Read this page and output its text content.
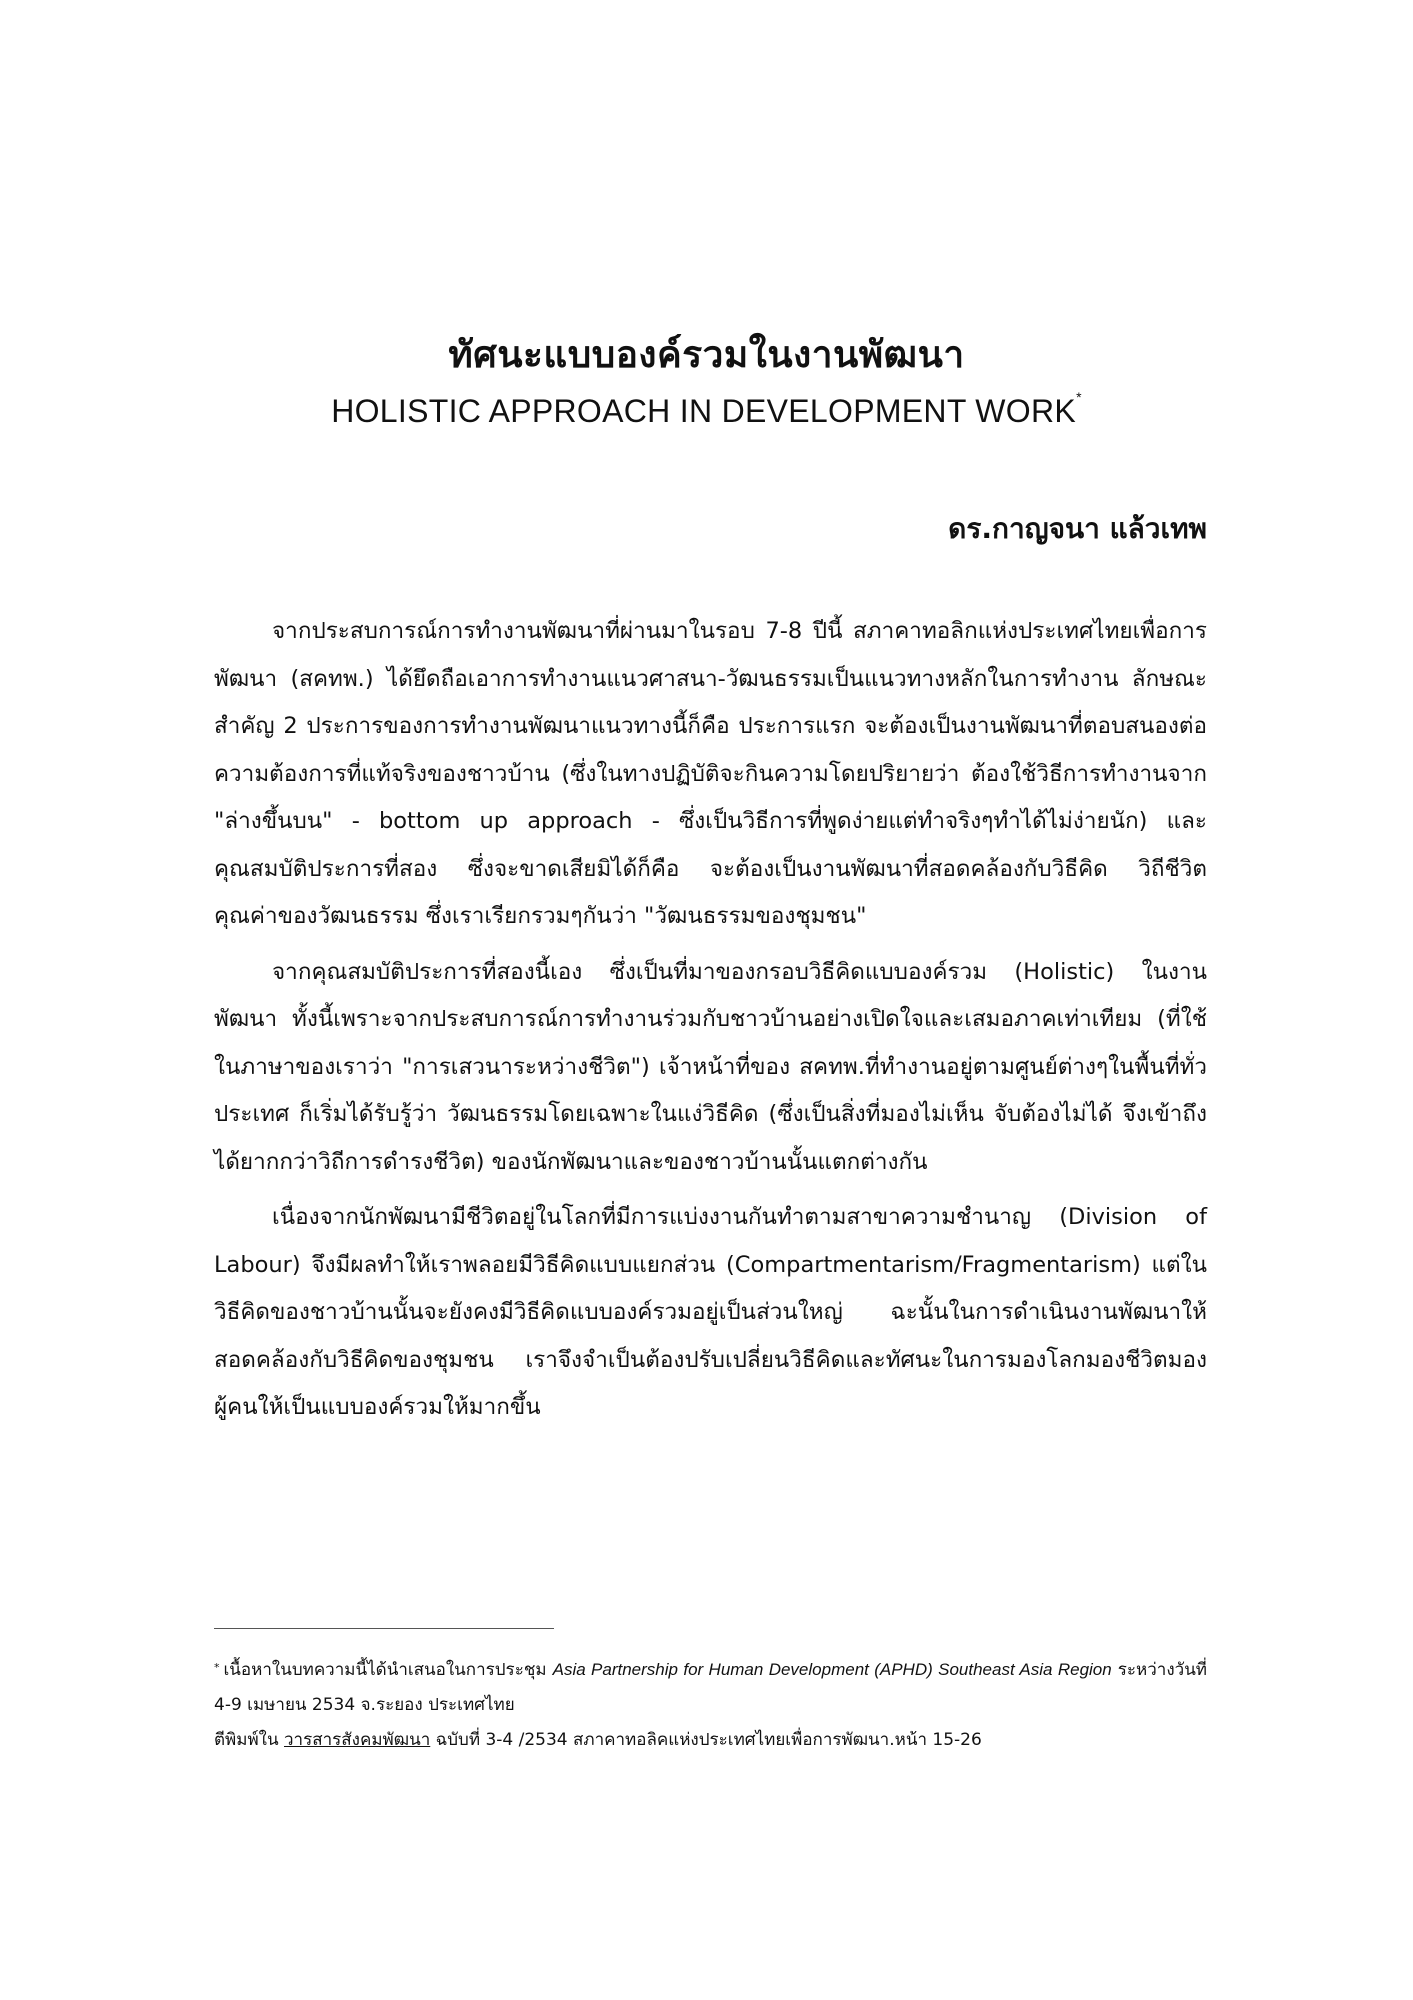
ทัศนะแบบองค์รวมในงานพัฒนา
HOLISTIC APPROACH IN DEVELOPMENT WORK*
ดร.กาญจนา แล้วเทพ

จากประสบการณ์การทำงานพัฒนาที่ผ่านมาในรอบ 7-8 ปีนี้ สภาคาทอลิกแห่งประเทศไทยเพื่อการพัฒนา (สคทพ.) ได้ยึดถือเอาการทำงานแนวศาสนา-วัฒนธรรมเป็นแนวทางหลักในการทำงาน ลักษณะสำคัญ 2 ประการของการทำงานพัฒนาแนวทางนี้ก็คือ ประการแรก จะต้องเป็นงานพัฒนาที่ตอบสนองต่อความต้องการที่แท้จริงของชาวบ้าน (ซึ่งในทางปฏิบัติจะกินความโดยปริยายว่า ต้องใช้วิธีการทำงานจาก "ล่างขึ้นบน" - bottom up approach - ซึ่งเป็นวิธีการที่พูดง่ายแต่ทำจริงๆทำได้ไม่ง่ายนัก) และคุณสมบัติประการที่สอง ซึ่งจะขาดเสียมิได้ก็คือ จะต้องเป็นงานพัฒนาที่สอดคล้องกับวิธีคิด วิถีชีวิต คุณค่าของวัฒนธรรม ซึ่งเราเรียกรวมๆกันว่า "วัฒนธรรมของชุมชน"

จากคุณสมบัติประการที่สองนี้เอง ซึ่งเป็นที่มาของกรอบวิธีคิดแบบองค์รวม (Holistic) ในงานพัฒนา ทั้งนี้เพราะจากประสบการณ์การทำงานร่วมกับชาวบ้านอย่างเปิดใจและเสมอภาคเท่าเทียม (ที่ใช้ในภาษาของเราว่า "การเสวนาระหว่างชีวิต") เจ้าหน้าที่ของ สคทพ.ที่ทำงานอยู่ตามศูนย์ต่างๆในพื้นที่ทั่วประเทศ ก็เริ่มได้รับรู้ว่า วัฒนธรรมโดยเฉพาะในแง่วิธีคิด (ซึ่งเป็นสิ่งที่มองไม่เห็น จับต้องไม่ได้ จึงเข้าถึงได้ยากกว่าวิถีการดำรงชีวิต) ของนักพัฒนาและของชาวบ้านนั้นแตกต่างกัน

เนื่องจากนักพัฒนามีชีวิตอยู่ในโลกที่มีการแบ่งงานกันทำตามสาขาความชำนาญ (Division of Labour) จึงมีผลทำให้เราพลอยมีวิธีคิดแบบแยกส่วน (Compartmentarism/Fragmentarism) แต่ในวิธีคิดของชาวบ้านนั้นจะยังคงมีวิธีคิดแบบองค์รวมอยู่เป็นส่วนใหญ่ ฉะนั้นในการดำเนินงานพัฒนาให้สอดคล้องกับวิธีคิดของชุมชน เราจึงจำเป็นต้องปรับเปลี่ยนวิธีคิดและทัศนะในการมองโลกมองชีวิตมองผู้คนให้เป็นแบบองค์รวมให้มากขึ้น

* เนื้อหาในบทความนี้ได้นำเสนอในการประชุม Asia Partnership for Human Development (APHD) Southeast Asia Region ระหว่างวันที่ 4-9 เมษายน 2534 จ.ระยอง ประเทศไทย

ตีพิมพ์ใน วารสารสังคมพัฒนา ฉบับที่ 3-4 /2534 สภาคาทอลิคแห่งประเทศไทยเพื่อการพัฒนา.หน้า 15-26
